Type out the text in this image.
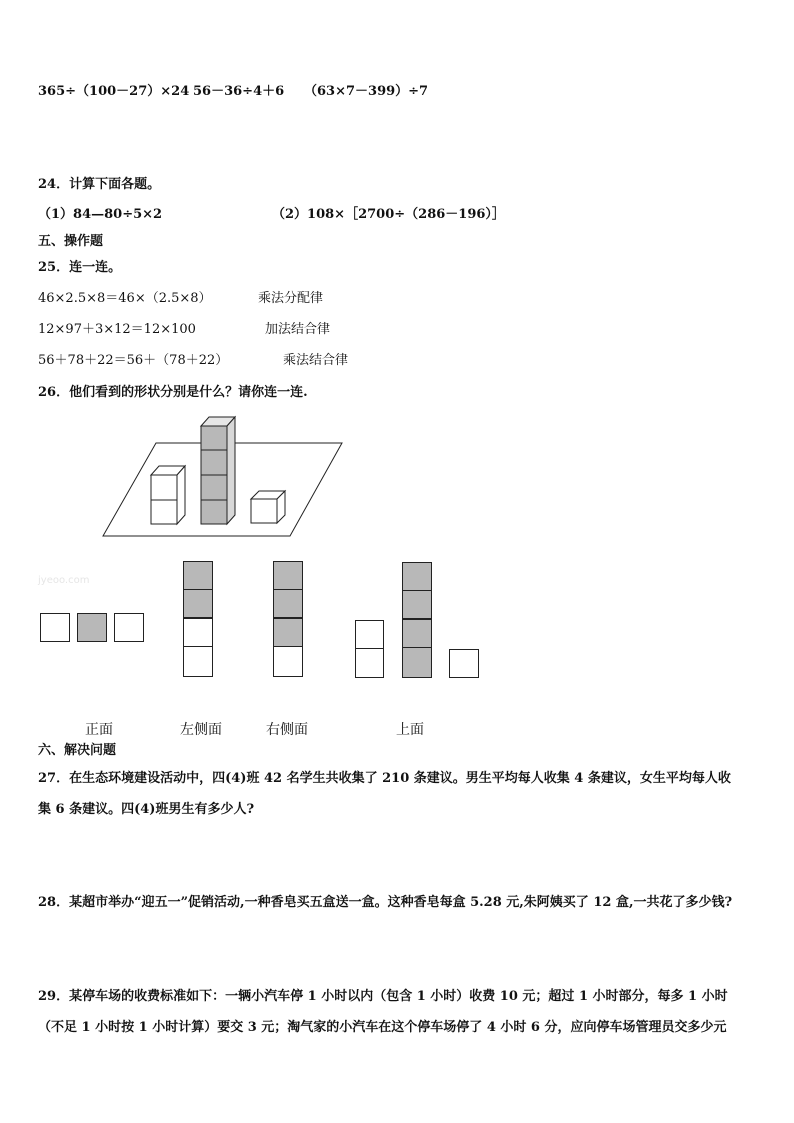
365÷（100－27）×24 56－36÷4＋6 （63×7－399）÷7
24．计算下面各题。
（1）84—80÷5×2	（2）108×［2700÷（286－196）］
五、操作题
25．连一连。
46×2.5×8＝46×（2.5×8）	乘法分配律
12×97＋3×12＝12×100	加法结合律
56＋78＋22＝56＋（78＋22）	乘法结合律
26．他们看到的形状分别是什么？请你连一连.
jyeoo.com
正面	左侧面	右侧面	上面
六、解决问题
27．在生态环境建设活动中，四(4)班 42 名学生共收集了 210 条建议。男生平均每人收集 4 条建议，女生平均每人收
集 6 条建议。四(4)班男生有多少人?
28．某超市举办“迎五一”促销活动,一种香皂买五盒送一盒。这种香皂每盒 5.28 元,朱阿姨买了 12 盒,一共花了多少钱?
29．某停车场的收费标准如下：一辆小汽车停 1 小时以内（包含 1 小时）收费 10 元；超过 1 小时部分，每多 1 小时
（不足 1 小时按 1 小时计算）要交 3 元；淘气家的小汽车在这个停车场停了 4 小时 6 分，应向停车场管理员交多少元
